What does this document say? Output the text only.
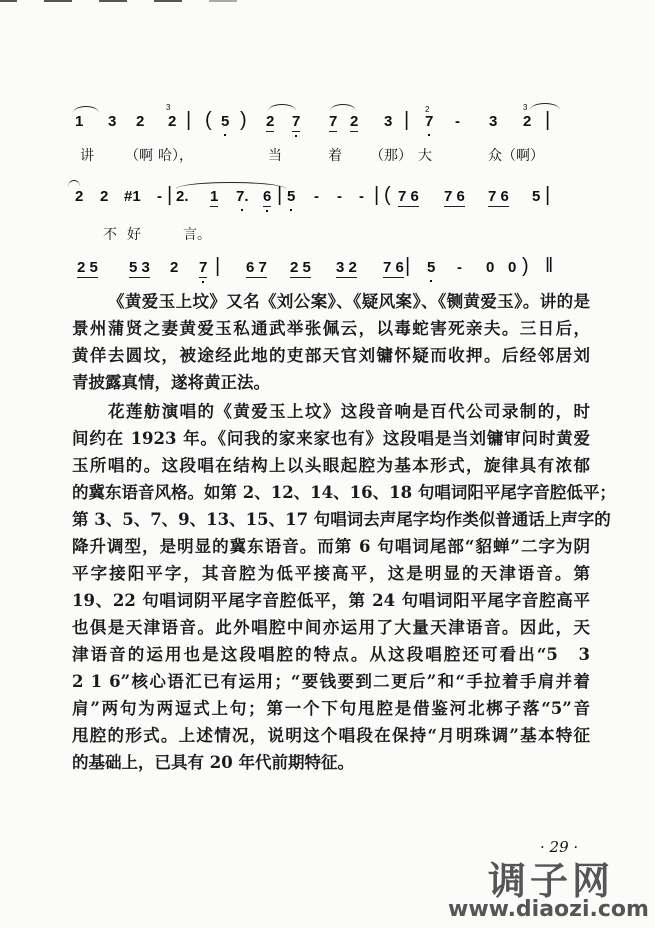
1 3 2 2 | ( 5 ) 2 7 7 2 3 | 7 - 3 2 |
讲 （啊 哈），	当	着 （那） 大	众（啊）
2 2 #1 - | 2. 1 7. 6 | 5 - - - | ( 7 6 7 6 7 6 5 |
不 好	言。
2 5 5 3 2 7 | 6 7 2 5 3 2 7 6 | 5 - 0 0 ) ‖
3	2	3
《黄爱玉上坟》又名《刘公案》、《疑风案》、《铡黄爱玉》。讲的是
景州蒲贤之妻黄爱玉私通武举张佩云，以毒蛇害死亲夫。三日后，
黄佯去圆坟，被途经此地的吏部天官刘镛怀疑而收押。后经邻居刘
青披露真情，遂将黄正法。
花莲舫演唱的《黄爱玉上坟》这段音响是百代公司录制的，时
间约在 1923 年。《问我的家来家也有》这段唱是当刘镛审问时黄爱
玉所唱的。这段唱在结构上以头眼起腔为基本形式，旋律具有浓郁
的冀东语音风格。如第 2、12、14、16、18 句唱词阳平尾字音腔低平；
第 3、5、7、9、13、15、17 句唱词去声尾字均作类似普通话上声字的
降升调型，是明显的冀东语音。而第 6 句唱词尾部“貂蝉”二字为阴
平字接阳平字，其音腔为低平接高平，这是明显的天津语音。第
19、22 句唱词阴平尾字音腔低平，第 24 句唱词阳平尾字音腔高平
也俱是天津语音。此外唱腔中间亦运用了大量天津语音。因此，天
津语音的运用也是这段唱腔的特点。从这段唱腔还可看出“5　3
2 1 6”核心语汇已有运用；“要钱要到二更后”和“手拉着手肩并着
肩”两句为两逗式上句；第一个下句甩腔是借鉴河北梆子落“5”音
甩腔的形式。上述情况，说明这个唱段在保持“月明珠调”基本特征
的基础上，已具有 20 年代前期特征。
· 29 ·
调子网
www.diaozi.com
